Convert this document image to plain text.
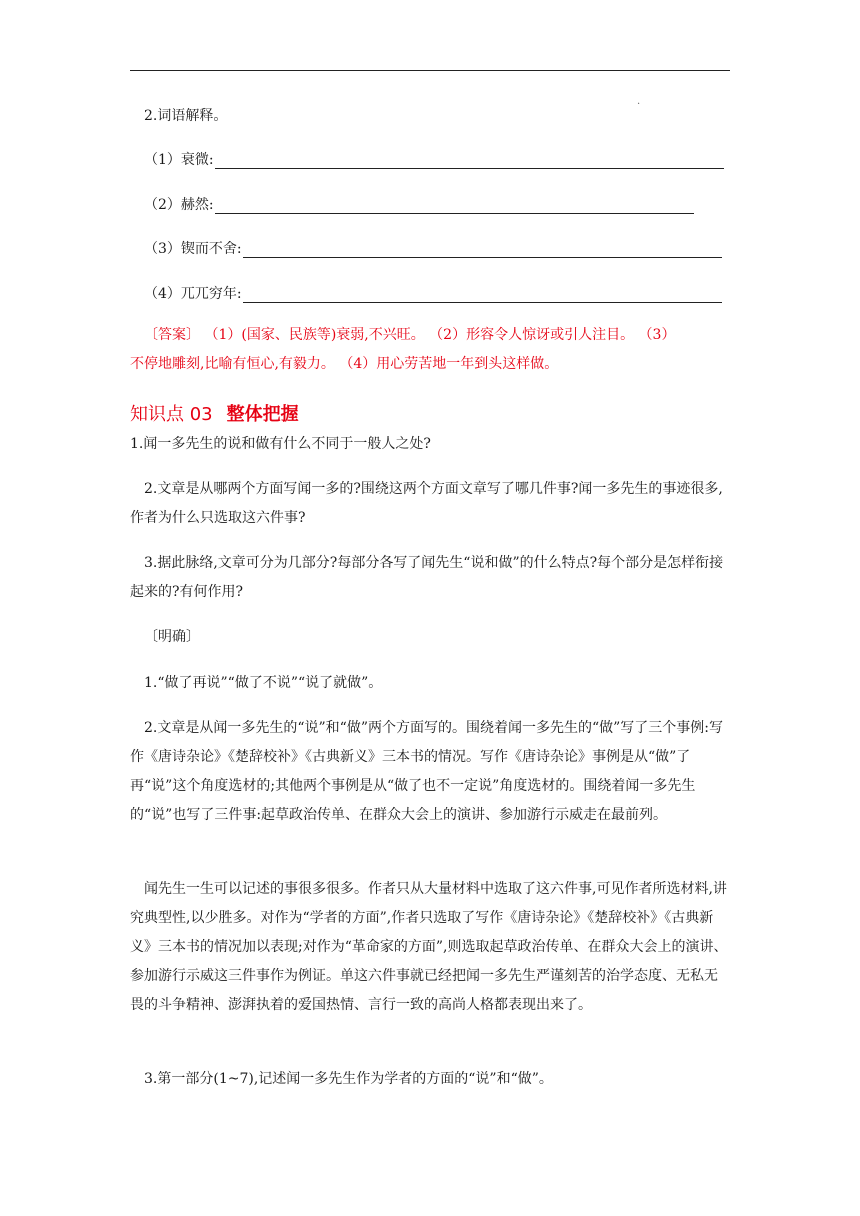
.
2.词语解释。
（1）衰微:
（2）赫然:
（3）锲而不舍:
（4）兀兀穷年:
〔答案〕 （1）(国家、民族等)衰弱,不兴旺。 （2）形容令人惊讶或引人注目。 （3）
不停地雕刻,比喻有恒心,有毅力。 （4）用心劳苦地一年到头这样做。
知识点 03 整体把握
1.闻一多先生的说和做有什么不同于一般人之处?
2.文章是从哪两个方面写闻一多的?围绕这两个方面文章写了哪几件事?闻一多先生的事迹很多,作者为什么只选取这六件事?
3.据此脉络,文章可分为几部分?每部分各写了闻先生“说和做”的什么特点?每个部分是怎样衔接起来的?有何作用?
〔明确〕
1.“做了再说”“做了不说”“说了就做”。
2.文章是从闻一多先生的“说”和“做”两个方面写的。围绕着闻一多先生的“做”写了三个事例:写作《唐诗杂论》《楚辞校补》《古典新义》三本书的情况。写作《唐诗杂论》事例是从“做”了再“说”这个角度选材的;其他两个事例是从“做了也不一定说”角度选材的。围绕着闻一多先生的“说”也写了三件事:起草政治传单、在群众大会上的演讲、参加游行示威走在最前列。
闻先生一生可以记述的事很多很多。作者只从大量材料中选取了这六件事,可见作者所选材料,讲究典型性,以少胜多。对作为“学者的方面”,作者只选取了写作《唐诗杂论》《楚辞校补》《古典新义》三本书的情况加以表现;对作为“革命家的方面”,则选取起草政治传单、在群众大会上的演讲、参加游行示威这三件事作为例证。单这六件事就已经把闻一多先生严谨刻苦的治学态度、无私无畏的斗争精神、澎湃执着的爱国热情、言行一致的高尚人格都表现出来了。
3.第一部分(1~7),记述闻一多先生作为学者的方面的“说”和“做”。
